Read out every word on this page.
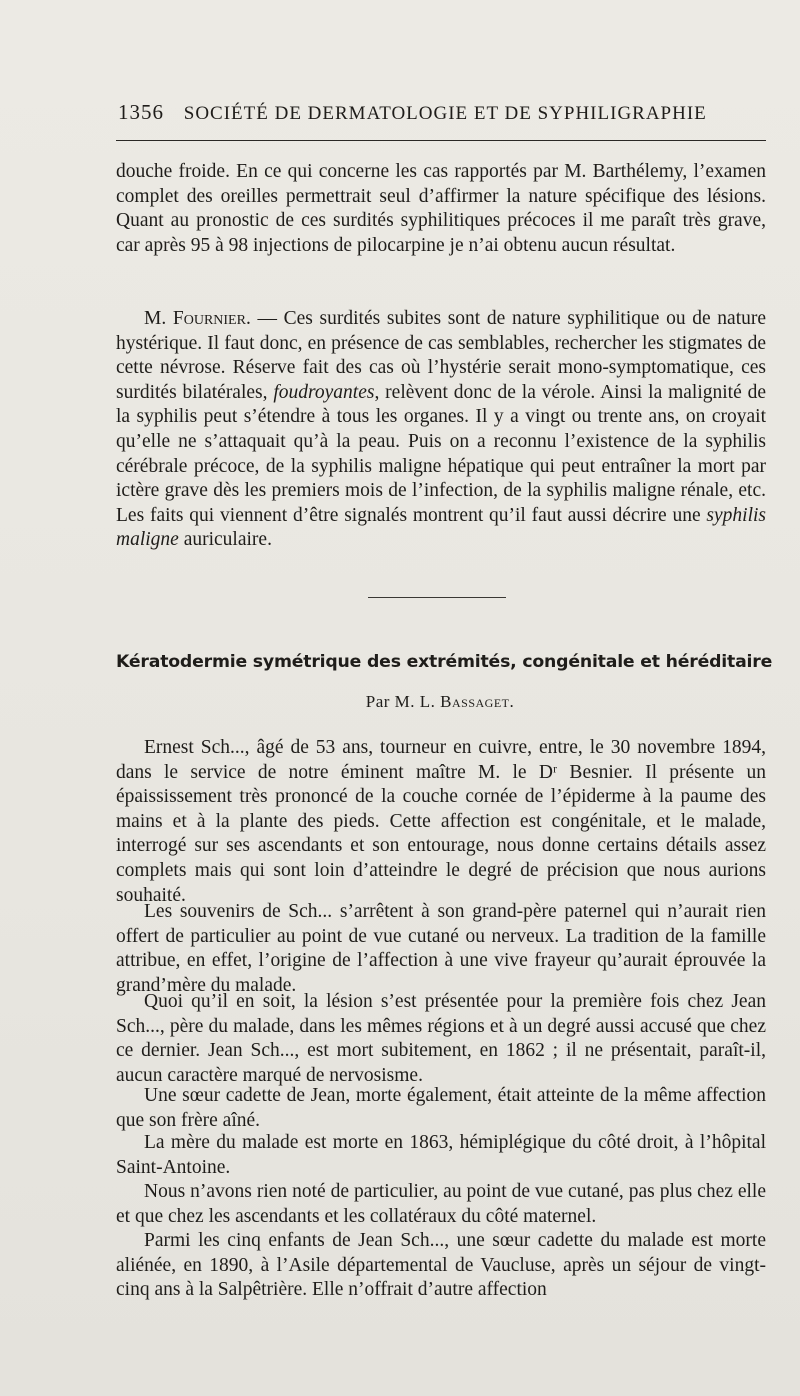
1356 SOCIÉTÉ DE DERMATOLOGIE ET DE SYPHILIGRAPHIE

douche froide. En ce qui concerne les cas rapportés par M. Barthélemy, l’examen complet des oreilles permettrait seul d’affirmer la nature spécifique des lésions. Quant au pronostic de ces surdités syphilitiques précoces il me paraît très grave, car après 95 à 98 injections de pilocarpine je n’ai obtenu aucun résultat.

M. Fournier. — Ces surdités subites sont de nature syphilitique ou de nature hystérique. Il faut donc, en présence de cas semblables, rechercher les stigmates de cette névrose. Réserve fait des cas où l’hystérie serait mono-symptomatique, ces surdités bilatérales, foudroyantes, relèvent donc de la vérole. Ainsi la malignité de la syphilis peut s’étendre à tous les organes. Il y a vingt ou trente ans, on croyait qu’elle ne s’attaquait qu’à la peau. Puis on a reconnu l’existence de la syphilis cérébrale précoce, de la syphilis maligne hépatique qui peut entraîner la mort par ictère grave dès les premiers mois de l’infection, de la syphilis maligne rénale, etc. Les faits qui viennent d’être signalés montrent qu’il faut aussi décrire une syphilis maligne auriculaire.

Kératodermie symétrique des extrémités, congénitale et héréditaire
Par M. L. Bassaget.

Ernest Sch..., âgé de 53 ans, tourneur en cuivre, entre, le 30 novembre 1894, dans le service de notre éminent maître M. le Dʳ Besnier. Il présente un épaississement très prononcé de la couche cornée de l’épiderme à la paume des mains et à la plante des pieds. Cette affection est congénitale, et le malade, interrogé sur ses ascendants et son entourage, nous donne certains détails assez complets mais qui sont loin d’atteindre le degré de précision que nous aurions souhaité.

Les souvenirs de Sch... s’arrêtent à son grand-père paternel qui n’aurait rien offert de particulier au point de vue cutané ou nerveux. La tradition de la famille attribue, en effet, l’origine de l’affection à une vive frayeur qu’aurait éprouvée la grand’mère du malade.

Quoi qu’il en soit, la lésion s’est présentée pour la première fois chez Jean Sch..., père du malade, dans les mêmes régions et à un degré aussi accusé que chez ce dernier. Jean Sch..., est mort subitement, en 1862 ; il ne présentait, paraît-il, aucun caractère marqué de nervosisme.

Une sœur cadette de Jean, morte également, était atteinte de la même affection que son frère aîné.

La mère du malade est morte en 1863, hémiplégique du côté droit, à l’hôpital Saint-Antoine.

Nous n’avons rien noté de particulier, au point de vue cutané, pas plus chez elle et que chez les ascendants et les collatéraux du côté maternel.

Parmi les cinq enfants de Jean Sch..., une sœur cadette du malade est morte aliénée, en 1890, à l’Asile départemental de Vaucluse, après un séjour de vingt-cinq ans à la Salpêtrière. Elle n’offrait d’autre affection
